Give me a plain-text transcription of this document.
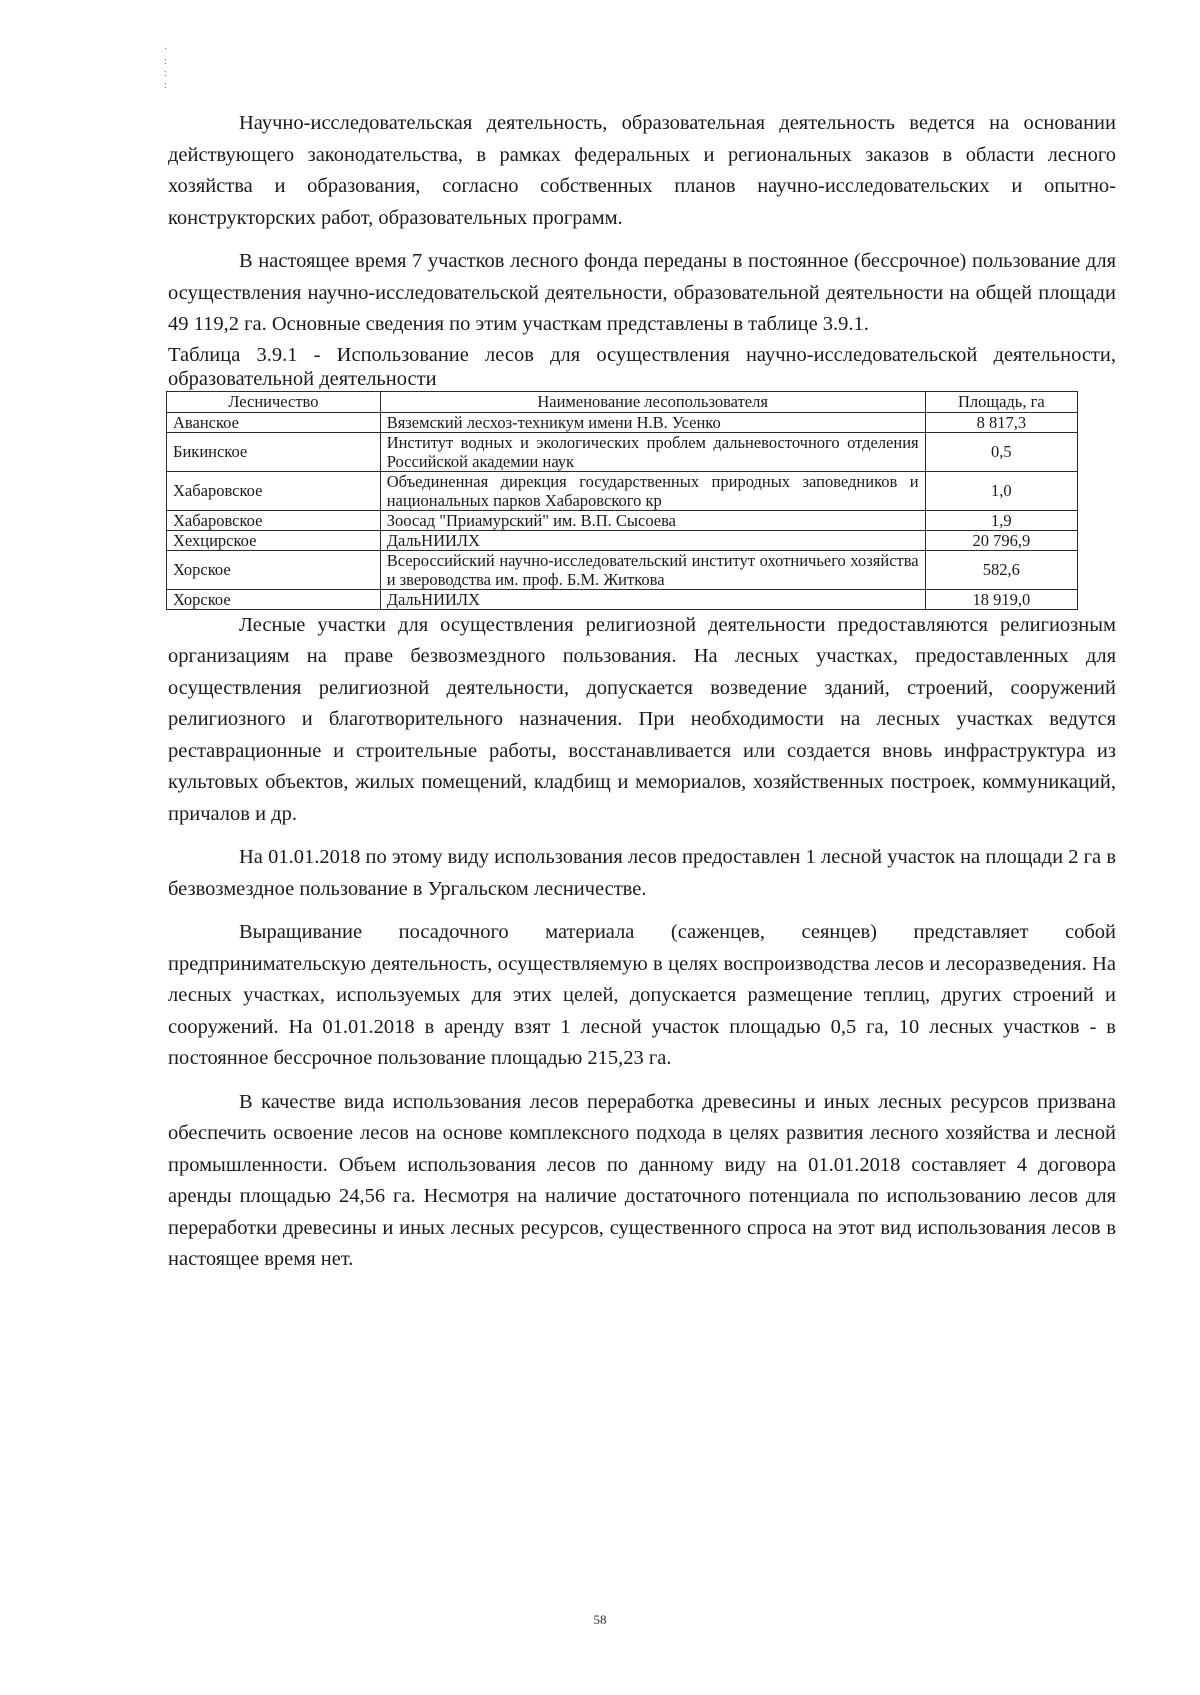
·
:
:
:

Научно-исследовательская деятельность, образовательная деятельность ведется на основании действующего законодательства, в рамках федеральных и региональных заказов в области лесного хозяйства и образования, согласно собственных планов научно-исследовательских и опытно-конструкторских работ, образовательных программ.

В настоящее время 7 участков лесного фонда переданы в постоянное (бессрочное) пользование для осуществления научно-исследовательской деятельности, образовательной деятельности на общей площади 49 119,2 га. Основные сведения по этим участкам представлены в таблице 3.9.1.

Таблица 3.9.1 - Использование лесов для осуществления научно-исследовательской деятельности, образовательной деятельности
Лесничество	Наименование лесопользователя	Площадь, га
Аванское	Вяземский лесхоз-техникум имени Н.В. Усенко	8 817,3
Бикинское	Институт водных и экологических проблем дальневосточного отделения Российской академии наук	0,5
Хабаровское	Объединенная дирекция государственных природных заповедников и национальных парков Хабаровского кр	1,0
Хабаровское	Зоосад "Приамурский" им. В.П. Сысоева	1,9
Хехцирское	ДальНИИЛХ	20 796,9
Хорское	Всероссийский научно-исследовательский институт охотничьего хозяйства и звероводства им. проф. Б.М. Житкова	582,6
Хорское	ДальНИИЛХ	18 919,0

Лесные участки для осуществления религиозной деятельности предоставляются религиозным организациям на праве безвозмездного пользования. На лесных участках, предоставленных для осуществления религиозной деятельности, допускается возведение зданий, строений, сооружений религиозного и благотворительного назначения. При необходимости на лесных участках ведутся реставрационные и строительные работы, восстанавливается или создается вновь инфраструктура из культовых объектов, жилых помещений, кладбищ и мемориалов, хозяйственных построек, коммуникаций, причалов и др.

На 01.01.2018 по этому виду использования лесов предоставлен 1 лесной участок на площади 2 га в безвозмездное пользование в Ургальском лесничестве.

Выращивание посадочного материала (саженцев, сеянцев) представляет собой предпринимательскую деятельность, осуществляемую в целях воспроизводства лесов и лесоразведения. На лесных участках, используемых для этих целей, допускается размещение теплиц, других строений и сооружений. На 01.01.2018 в аренду взят 1 лесной участок площадью 0,5 га, 10 лесных участков - в постоянное бессрочное пользование площадью 215,23 га.

В качестве вида использования лесов переработка древесины и иных лесных ресурсов призвана обеспечить освоение лесов на основе комплексного подхода в целях развития лесного хозяйства и лесной промышленности. Объем использования лесов по данному виду на 01.01.2018 составляет 4 договора аренды площадью 24,56 га. Несмотря на наличие достаточного потенциала по использованию лесов для переработки древесины и иных лесных ресурсов, существенного спроса на этот вид использования лесов в настоящее время нет.

58
